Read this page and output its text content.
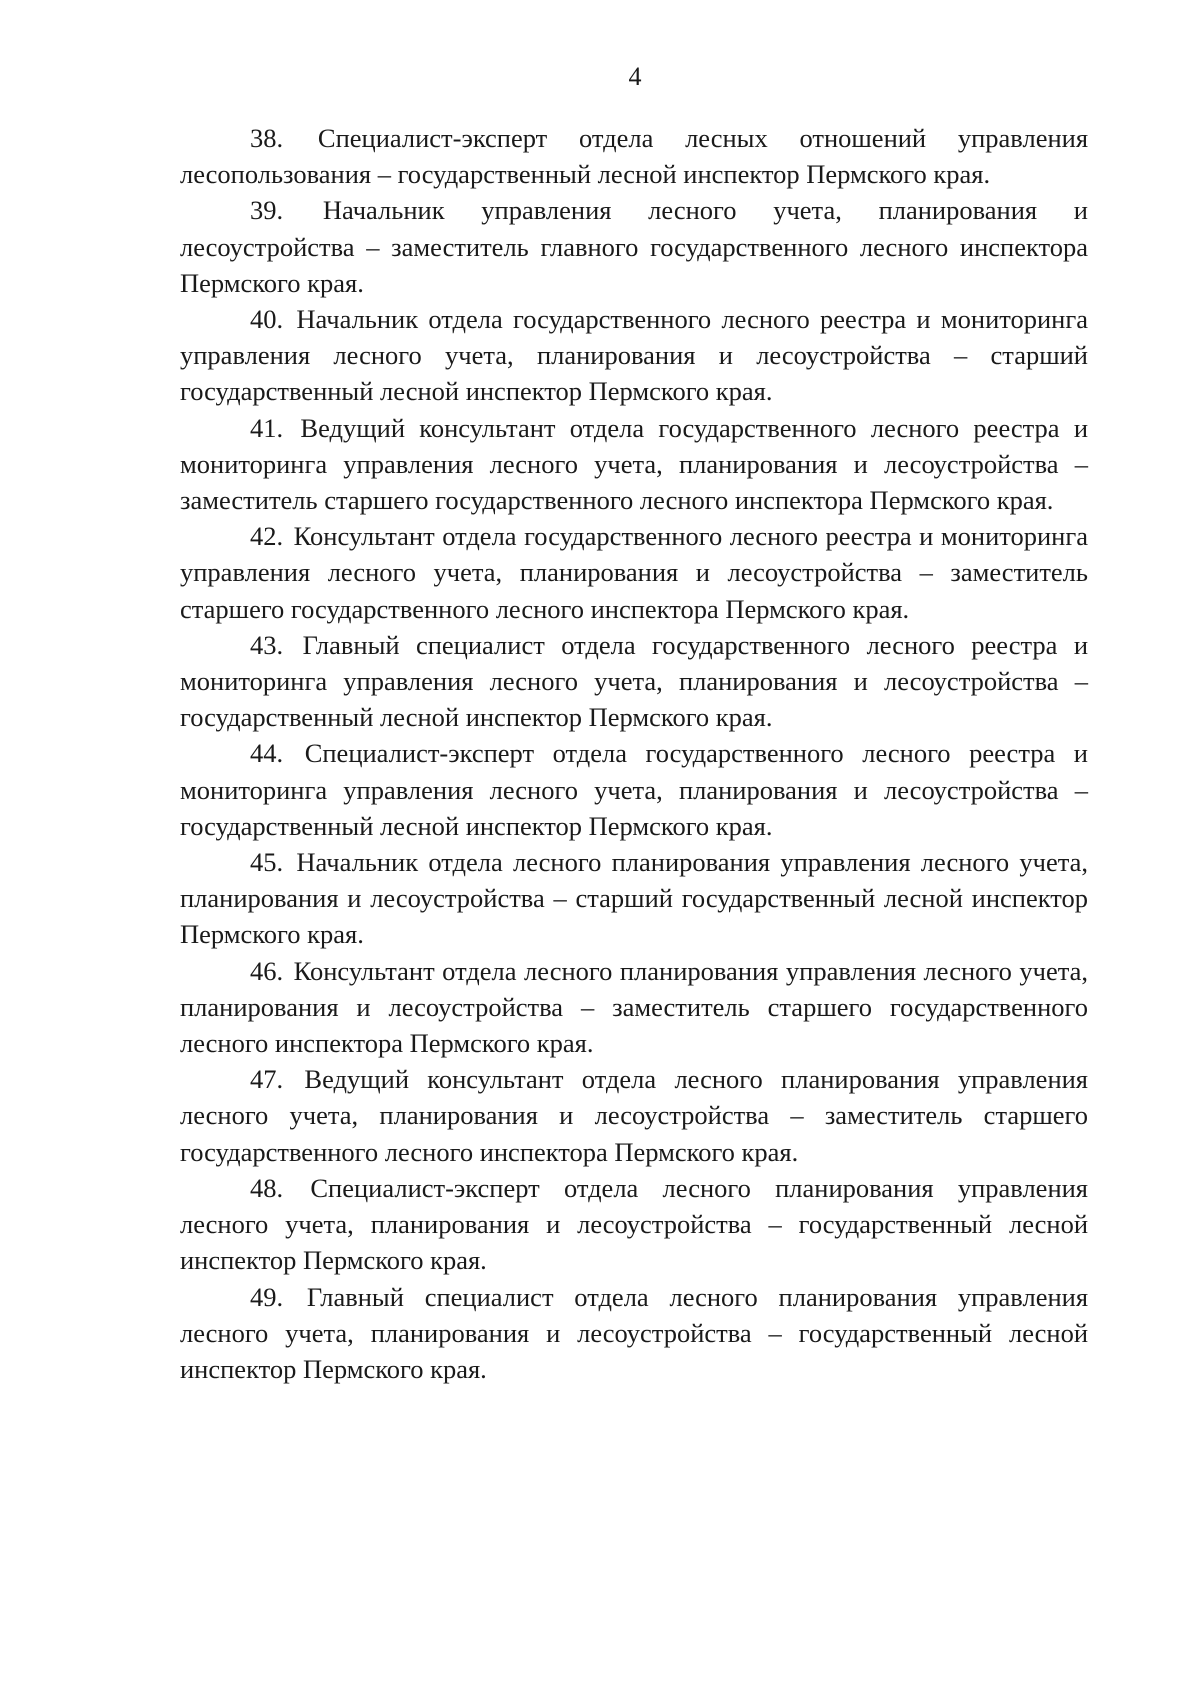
4

38. Специалист-эксперт отдела лесных отношений управления лесопользования – государственный лесной инспектор Пермского края.

39. Начальник управления лесного учета, планирования и лесоустройства – заместитель главного государственного лесного инспектора Пермского края.

40. Начальник отдела государственного лесного реестра и мониторинга управления лесного учета, планирования и лесоустройства – старший государственный лесной инспектор Пермского края.

41. Ведущий консультант отдела государственного лесного реестра и мониторинга управления лесного учета, планирования и лесоустройства – заместитель старшего государственного лесного инспектора Пермского края.

42. Консультант отдела государственного лесного реестра и мониторинга управления лесного учета, планирования и лесоустройства – заместитель старшего государственного лесного инспектора Пермского края.

43. Главный специалист отдела государственного лесного реестра и мониторинга управления лесного учета, планирования и лесоустройства – государственный лесной инспектор Пермского края.

44. Специалист-эксперт отдела государственного лесного реестра и мониторинга управления лесного учета, планирования и лесоустройства – государственный лесной инспектор Пермского края.

45. Начальник отдела лесного планирования управления лесного учета, планирования и лесоустройства – старший государственный лесной инспектор Пермского края.

46. Консультант отдела лесного планирования управления лесного учета, планирования и лесоустройства – заместитель старшего государственного лесного инспектора Пермского края.

47. Ведущий консультант отдела лесного планирования управления лесного учета, планирования и лесоустройства – заместитель старшего государственного лесного инспектора Пермского края.

48. Специалист-эксперт отдела лесного планирования управления лесного учета, планирования и лесоустройства – государственный лесной инспектор Пермского края.

49. Главный специалист отдела лесного планирования управления лесного учета, планирования и лесоустройства – государственный лесной инспектор Пермского края.
